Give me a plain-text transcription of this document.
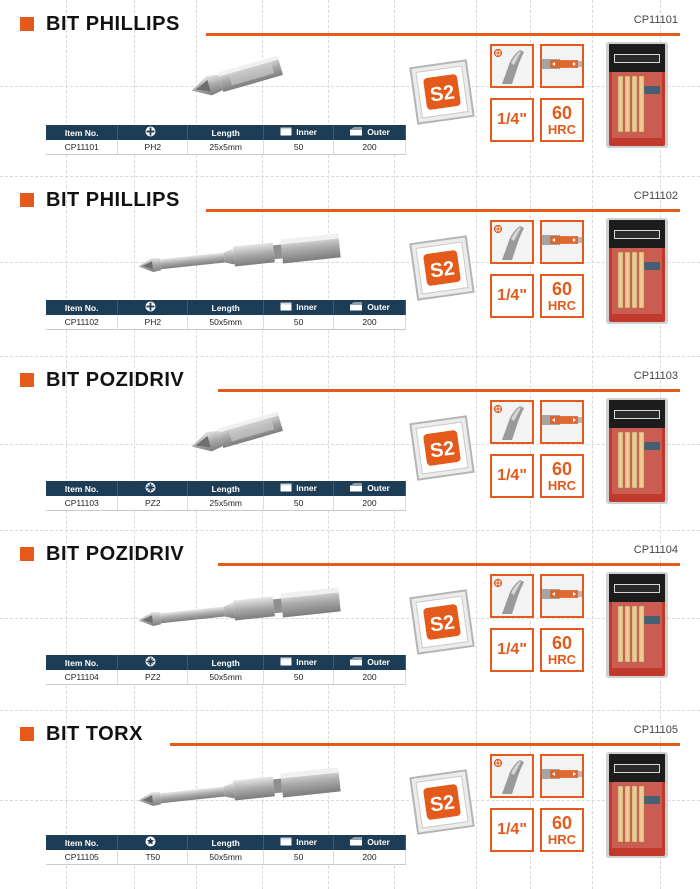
BIT PHILLIPS	CP11101
Item No.		Length	Inner	Outer
CP11101	PH2	25x5mm	50	200
S2
1/4" 60
HRC
BIT PHILLIPS	CP11102
Item No.		Length	Inner	Outer
CP11102	PH2	50x5mm	50	200
S2
1/4" 60
HRC
BIT POZIDRIV	CP11103
Item No.		Length	Inner	Outer
CP11103	PZ2	25x5mm	50	200
S2
1/4" 60
HRC
BIT POZIDRIV	CP11104
Item No.		Length	Inner	Outer
CP11104	PZ2	50x5mm	50	200
S2
1/4" 60
HRC
BIT TORX	CP11105
Item No.		Length	Inner	Outer
CP11105	T50	50x5mm	50	200
S2
1/4" 60
HRC
